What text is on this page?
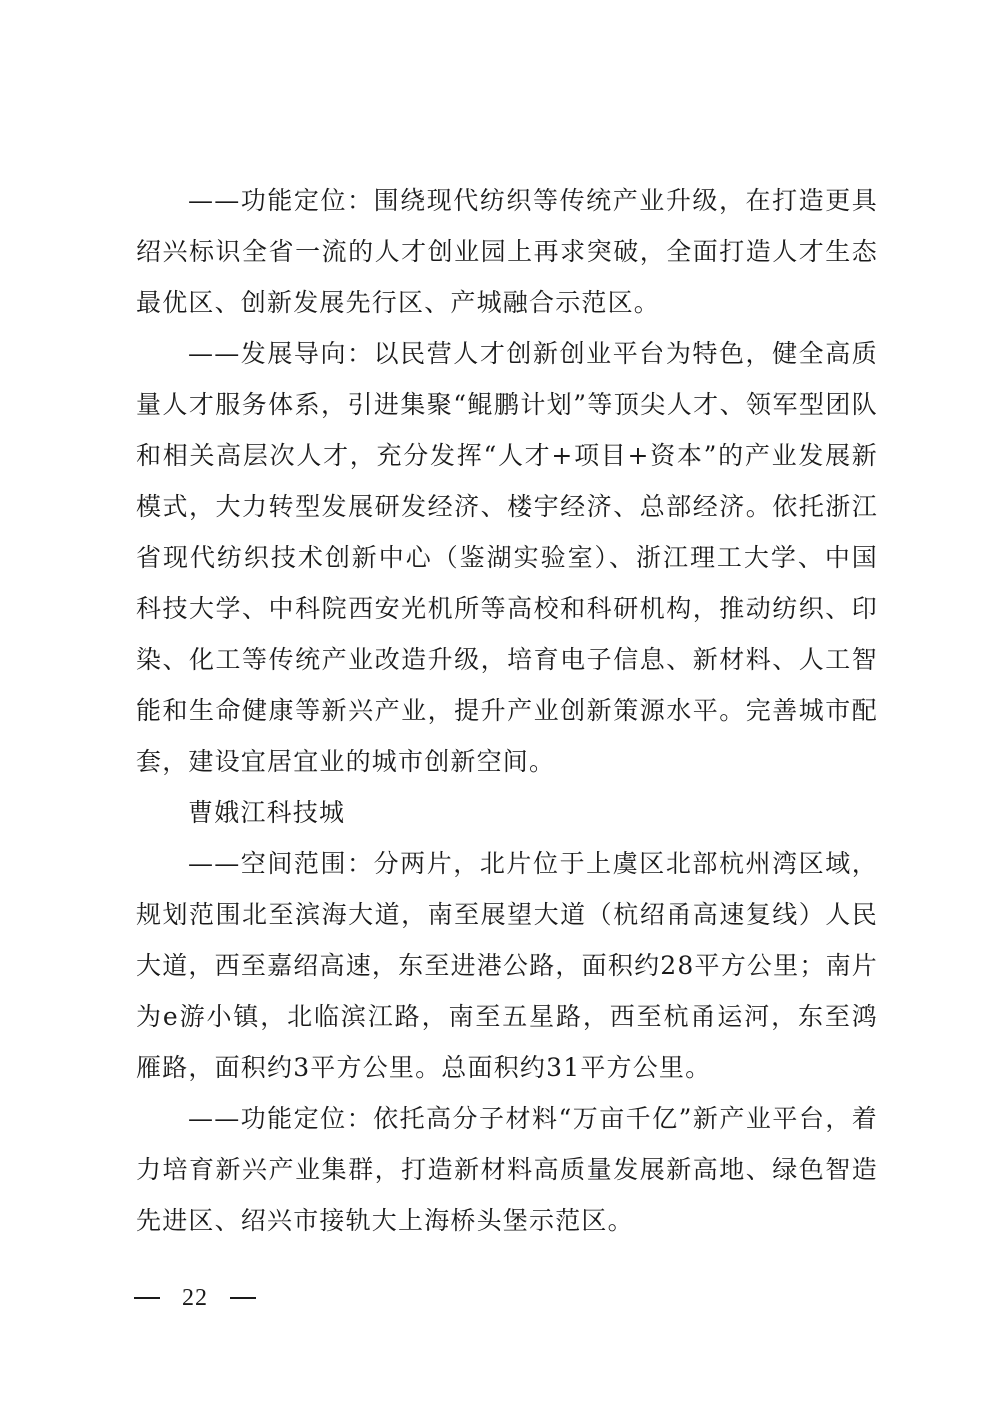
——功能定位：围绕现代纺织等传统产业升级，在打造更具绍兴标识全省一流的人才创业园上再求突破，全面打造人才生态最优区、创新发展先行区、产城融合示范区。

——发展导向：以民营人才创新创业平台为特色，健全高质量人才服务体系，引进集聚“鲲鹏计划”等顶尖人才、领军型团队和相关高层次人才，充分发挥“人才+项目+资本”的产业发展新模式，大力转型发展研发经济、楼宇经济、总部经济。依托浙江省现代纺织技术创新中心（鉴湖实验室）、浙江理工大学、中国科技大学、中科院西安光机所等高校和科研机构，推动纺织、印染、化工等传统产业改造升级，培育电子信息、新材料、人工智能和生命健康等新兴产业，提升产业创新策源水平。完善城市配套，建设宜居宜业的城市创新空间。

曹娥江科技城

——空间范围：分两片，北片位于上虞区北部杭州湾区域，规划范围北至滨海大道，南至展望大道（杭绍甬高速复线）人民大道，西至嘉绍高速，东至进港公路，面积约28平方公里；南片为e游小镇，北临滨江路，南至五星路，西至杭甬运河，东至鸿雁路，面积约3平方公里。总面积约31平方公里。

——功能定位：依托高分子材料“万亩千亿”新产业平台，着力培育新兴产业集群，打造新材料高质量发展新高地、绿色智造先进区、绍兴市接轨大上海桥头堡示范区。

22
